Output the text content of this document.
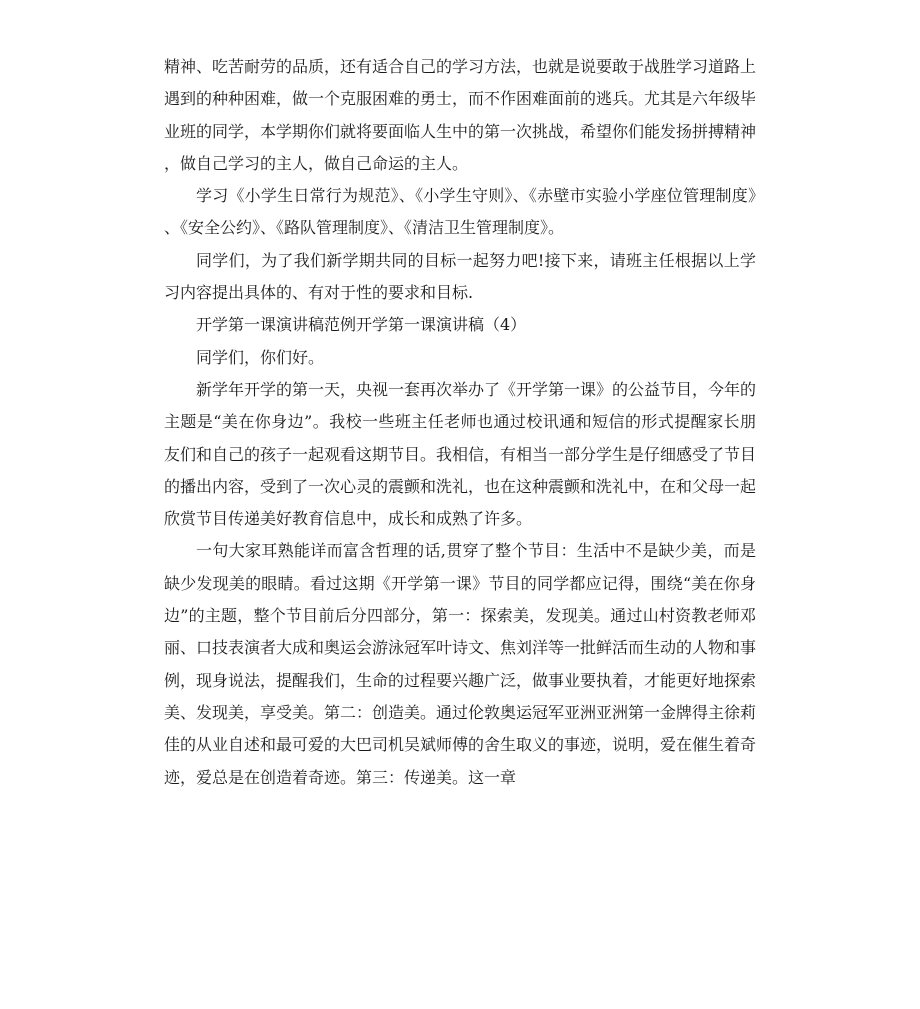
精神、吃苦耐劳的品质，还有适合自己的学习方法，也就是说要敢于战胜学习道路上遇到的种种困难，做一个克服困难的勇士，而不作困难面前的逃兵。尤其是六年级毕业班的同学，本学期你们就将要面临人生中的第一次挑战，希望你们能发扬拼搏精神，做自己学习的主人，做自己命运的主人。

学习《小学生日常行为规范》、《小学生守则》、《赤壁市实验小学座位管理制度》、《安全公约》、《路队管理制度》、《清洁卫生管理制度》。

同学们，为了我们新学期共同的目标一起努力吧!接下来，请班主任根据以上学习内容提出具体的、有对于性的要求和目标.

开学第一课演讲稿范例开学第一课演讲稿（4）

同学们，你们好。

新学年开学的第一天，央视一套再次举办了《开学第一课》的公益节目，今年的主题是“美在你身边”。我校一些班主任老师也通过校讯通和短信的形式提醒家长朋友们和自己的孩子一起观看这期节目。我相信，有相当一部分学生是仔细感受了节目的播出内容，受到了一次心灵的震颤和洗礼，也在这种震颤和洗礼中，在和父母一起欣赏节目传递美好教育信息中，成长和成熟了许多。

一句大家耳熟能详而富含哲理的话,贯穿了整个节目：生活中不是缺少美，而是缺少发现美的眼睛。看过这期《开学第一课》节目的同学都应记得，围绕“美在你身边”的主题，整个节目前后分四部分，第一：探索美，发现美。通过山村资教老师邓丽、口技表演者大成和奥运会游泳冠军叶诗文、焦刘洋等一批鲜活而生动的人物和事例，现身说法，提醒我们，生命的过程要兴趣广泛，做事业要执着，才能更好地探索美、发现美，享受美。第二：创造美。通过伦敦奥运冠军亚洲亚洲第一金牌得主徐莉佳的从业自述和最可爱的大巴司机吴斌师傅的舍生取义的事迹，说明，爱在催生着奇迹，爱总是在创造着奇迹。第三：传递美。这一章
